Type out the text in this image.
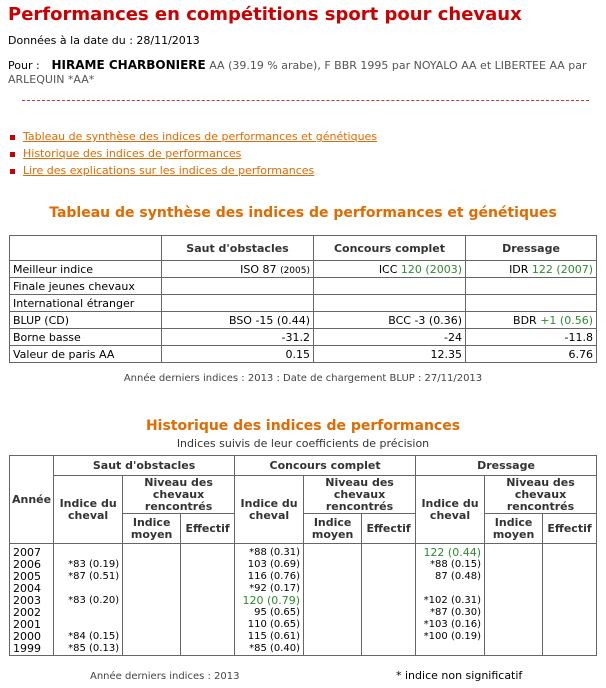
Performances en compétitions sport pour chevaux
Données à la date du : 28/11/2013
Pour : HIRAME CHARBONIERE AA (39.19 % arabe), F BBR 1995 par NOYALO AA et LIBERTEE AA par ARLEQUIN *AA*
Tableau de synthèse des indices de performances et génétiques
Historique des indices de performances
Lire des explications sur les indices de performances
Tableau de synthèse des indices de performances et génétiques
	Saut d'obstacles	Concours complet	Dressage
Meilleur indice	ISO 87 (2005)	ICC 120 (2003)	IDR 122 (2007)
Finale jeunes chevaux			
International étranger			
BLUP (CD)	BSO -15 (0.44)	BCC -3 (0.36)	BDR +1 (0.56)
Borne basse	-31.2	-24	-11.8
Valeur de paris AA	0.15	12.35	6.76
Année derniers indices : 2013 : Date de chargement BLUP : 27/11/2013
Historique des indices de performances
Indices suivis de leur coefficients de précision
Année	Saut d'obstacles			Concours complet			Dressage		
	Indice du cheval	Niveau des chevaux rencontrés		Indice du cheval	Niveau des chevaux rencontrés		Indice du cheval	Niveau des chevaux rencontrés	
		Indice moyen	Effectif		Indice moyen	Effectif		Indice moyen	Effectif
2007				*88 (0.31)			122 (0.44)		
2006	*83 (0.19)			103 (0.69)			*88 (0.15)		
2005	*87 (0.51)			116 (0.76)			87 (0.48)		
2004				*92 (0.17)					
2003	*83 (0.20)			120 (0.79)			*102 (0.31)		
2002				95 (0.65)			*87 (0.30)		
2001				110 (0.65)			*103 (0.16)		
2000	*84 (0.15)			115 (0.61)			*100 (0.19)		
1999	*85 (0.13)			*85 (0.40)					
Année derniers indices : 2013	* indice non significatif
